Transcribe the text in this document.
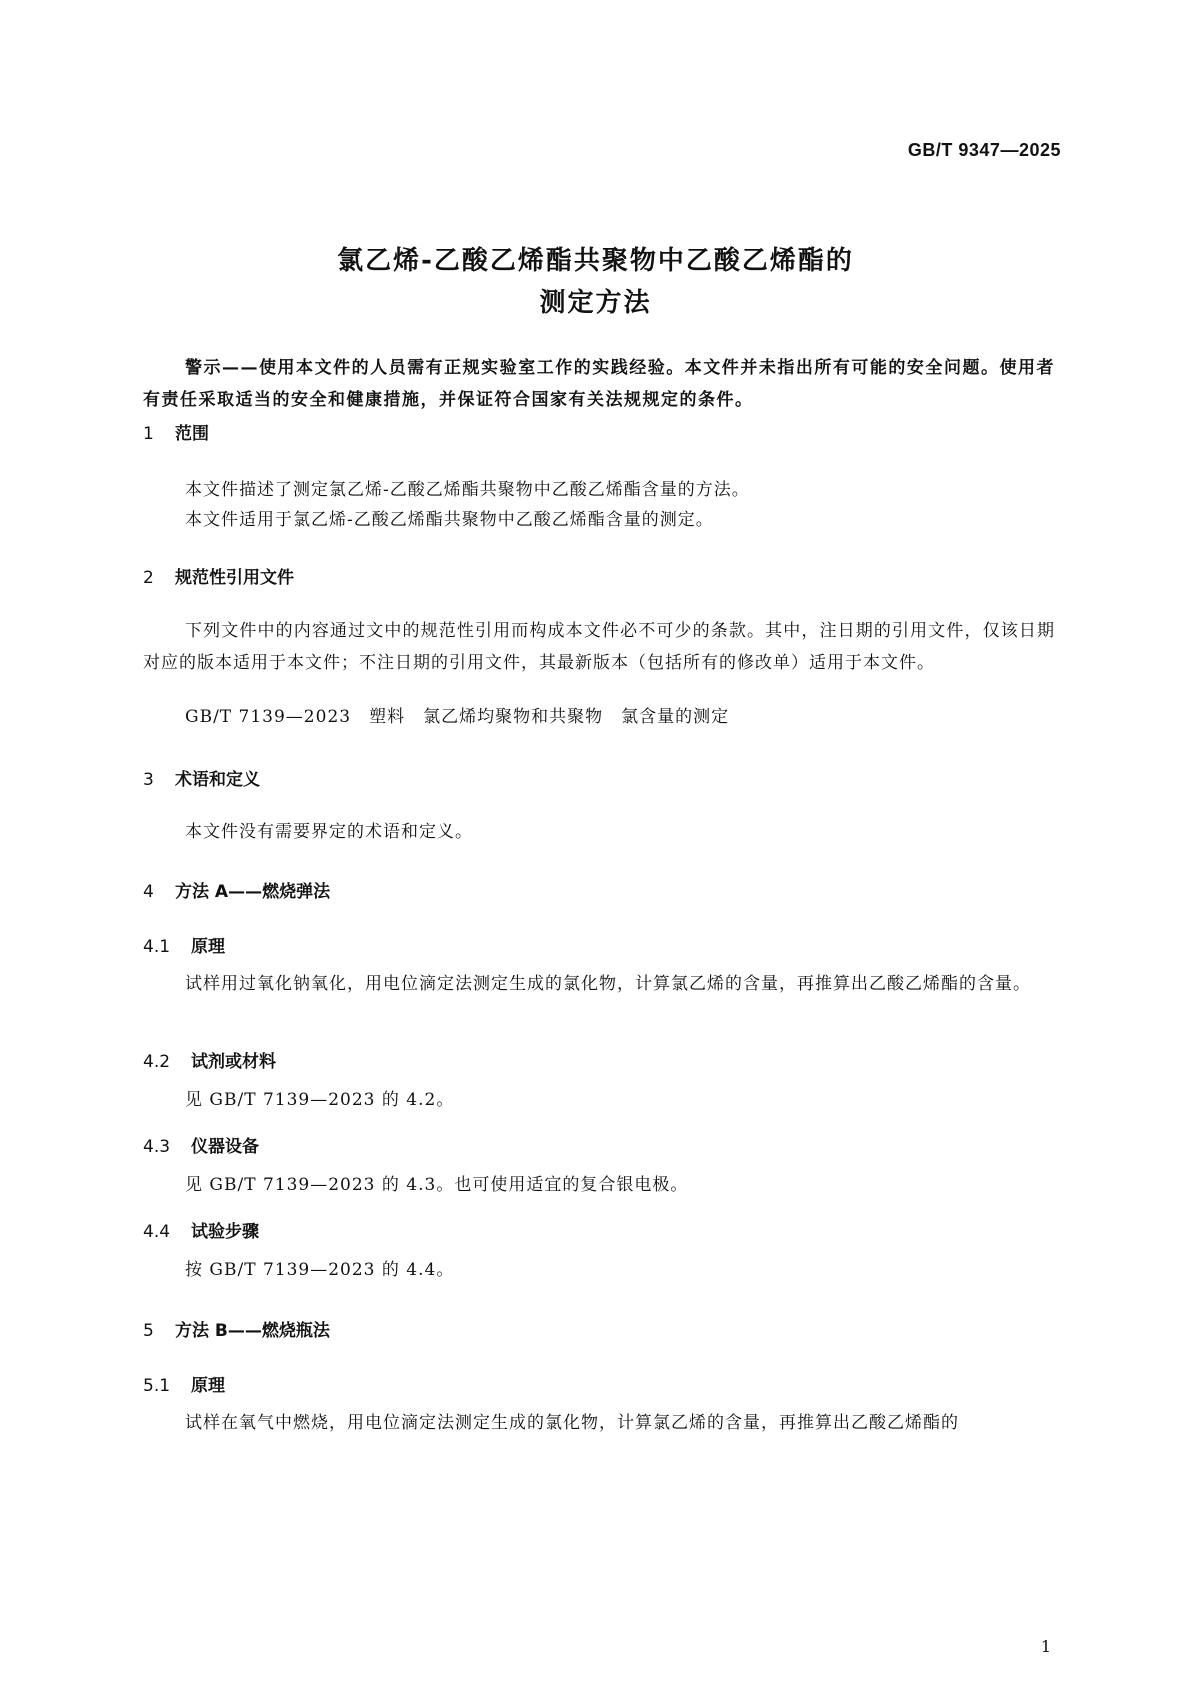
GB/T 9347—2025
氯乙烯-乙酸乙烯酯共聚物中乙酸乙烯酯的
测定方法
警示——使用本文件的人员需有正规实验室工作的实践经验。本文件并未指出所有可能的安全问题。使用者有责任采取适当的安全和健康措施，并保证符合国家有关法规规定的条件。
1 范围
本文件描述了测定氯乙烯-乙酸乙烯酯共聚物中乙酸乙烯酯含量的方法。
本文件适用于氯乙烯-乙酸乙烯酯共聚物中乙酸乙烯酯含量的测定。
2 规范性引用文件
下列文件中的内容通过文中的规范性引用而构成本文件必不可少的条款。其中，注日期的引用文件，仅该日期对应的版本适用于本文件；不注日期的引用文件，其最新版本（包括所有的修改单）适用于本文件。
GB/T 7139—2023　塑料　氯乙烯均聚物和共聚物　氯含量的测定
3 术语和定义
本文件没有需要界定的术语和定义。
4 方法 A——燃烧弹法
4.1 原理
试样用过氧化钠氧化，用电位滴定法测定生成的氯化物，计算氯乙烯的含量，再推算出乙酸乙烯酯的含量。
4.2 试剂或材料
见 GB/T 7139—2023 的 4.2。
4.3 仪器设备
见 GB/T 7139—2023 的 4.3。也可使用适宜的复合银电极。
4.4 试验步骤
按 GB/T 7139—2023 的 4.4。
5 方法 B——燃烧瓶法
5.1 原理
试样在氧气中燃烧，用电位滴定法测定生成的氯化物，计算氯乙烯的含量，再推算出乙酸乙烯酯的
1
